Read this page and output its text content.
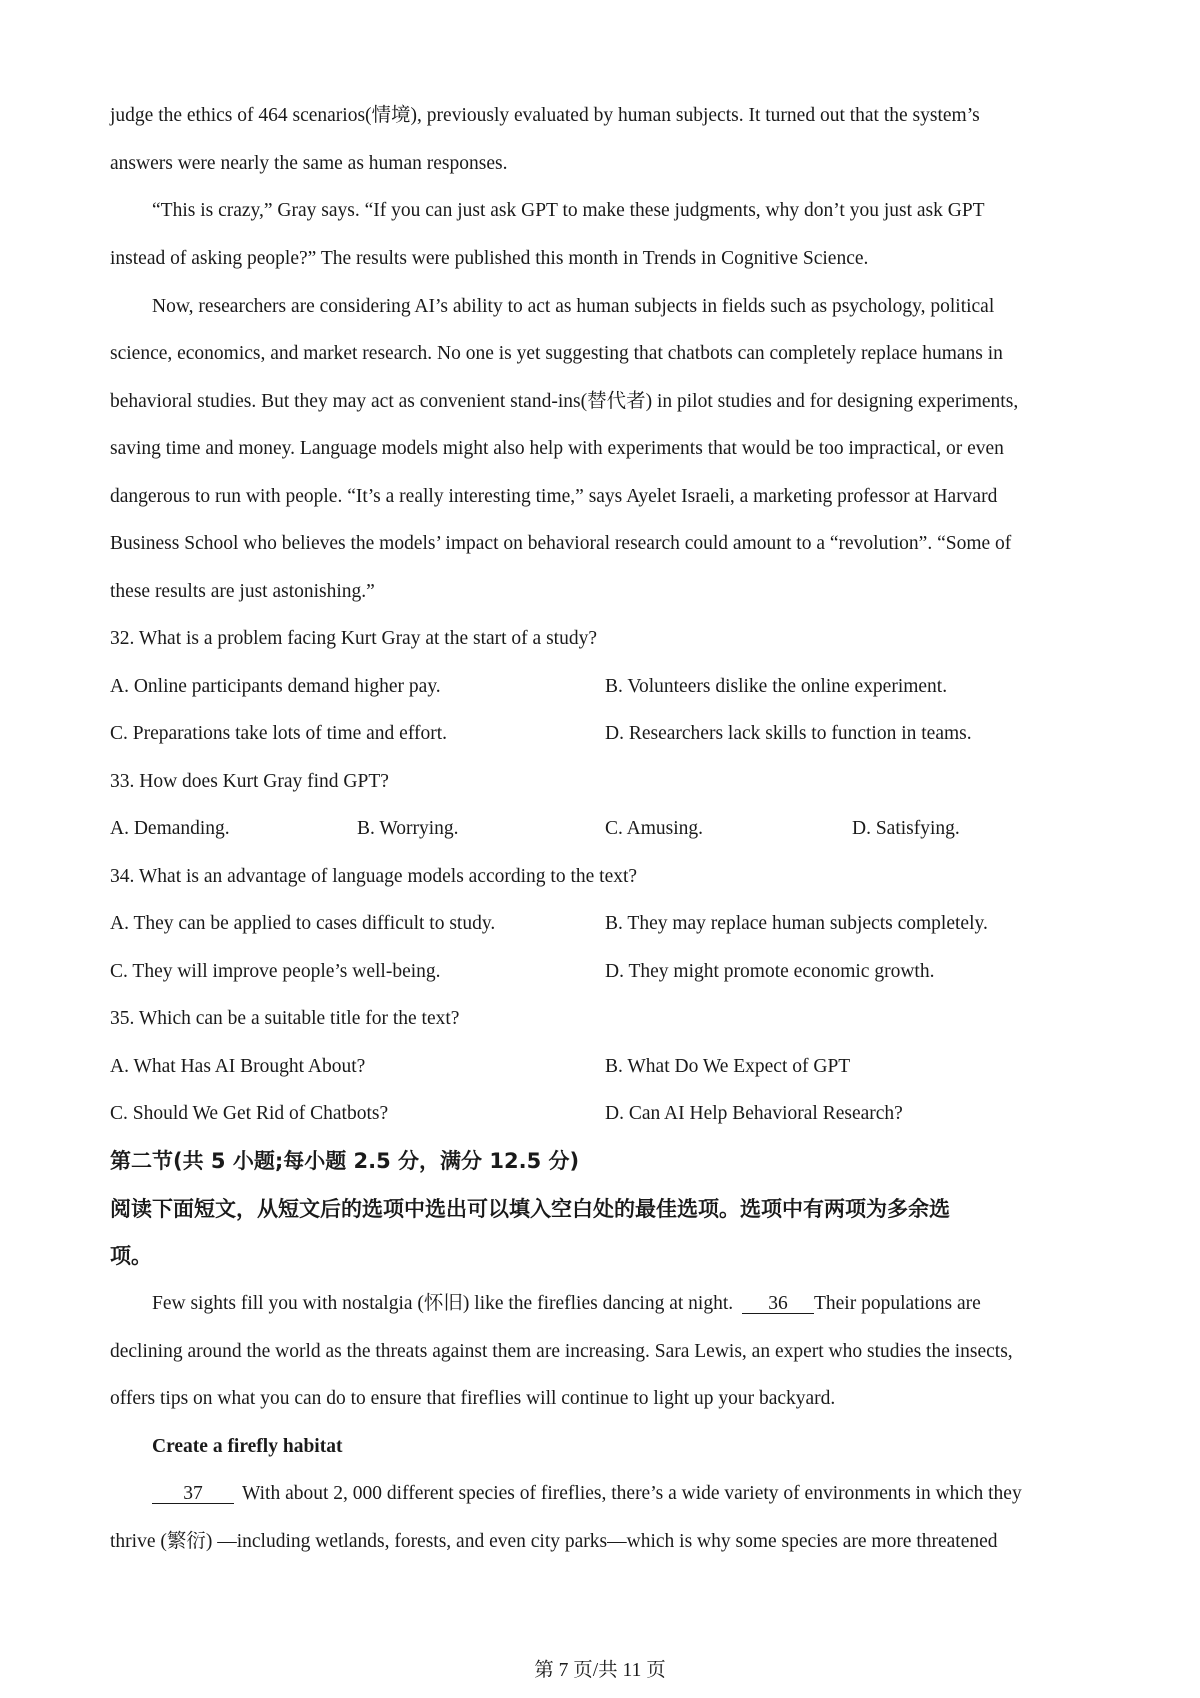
judge the ethics of 464 scenarios(情境), previously evaluated by human subjects. It turned out that the system’s
answers were nearly the same as human responses.
“This is crazy,” Gray says. “If you can just ask GPT to make these judgments, why don’t you just ask GPT
instead of asking people?” The results were published this month in Trends in Cognitive Science.
Now, researchers are considering AI’s ability to act as human subjects in fields such as psychology, political
science, economics, and market research. No one is yet suggesting that chatbots can completely replace humans in
behavioral studies. But they may act as convenient stand-ins(替代者) in pilot studies and for designing experiments,
saving time and money. Language models might also help with experiments that would be too impractical, or even
dangerous to run with people. “It’s a really interesting time,” says Ayelet Israeli, a marketing professor at Harvard
Business School who believes the models’ impact on behavioral research could amount to a “revolution”. “Some of
these results are just astonishing.”
32. What is a problem facing Kurt Gray at the start of a study?
A. Online participants demand higher pay.	B. Volunteers dislike the online experiment.
C. Preparations take lots of time and effort.	D. Researchers lack skills to function in teams.
33. How does Kurt Gray find GPT?
A. Demanding.	B. Worrying.	C. Amusing.	D. Satisfying.
34. What is an advantage of language models according to the text?
A. They can be applied to cases difficult to study.	B. They may replace human subjects completely.
C. They will improve people’s well-being.	D. They might promote economic growth.
35. Which can be a suitable title for the text?
A. What Has AI Brought About?	B. What Do We Expect of GPT
C. Should We Get Rid of Chatbots?	D. Can AI Help Behavioral Research?
第二节(共 5 小题;每小题 2.5 分，满分 12.5 分)
阅读下面短文，从短文后的选项中选出可以填入空白处的最佳选项。选项中有两项为多余选
项。
Few sights fill you with nostalgia (怀旧) like the fireflies dancing at night. 36 Their populations are
declining around the world as the threats against them are increasing. Sara Lewis, an expert who studies the insects,
offers tips on what you can do to ensure that fireflies will continue to light up your backyard.
Create a firefly habitat
37 With about 2, 000 different species of fireflies, there’s a wide variety of environments in which they
thrive (繁衍) —including wetlands, forests, and even city parks—which is why some species are more threatened
第 7 页/共 11 页
